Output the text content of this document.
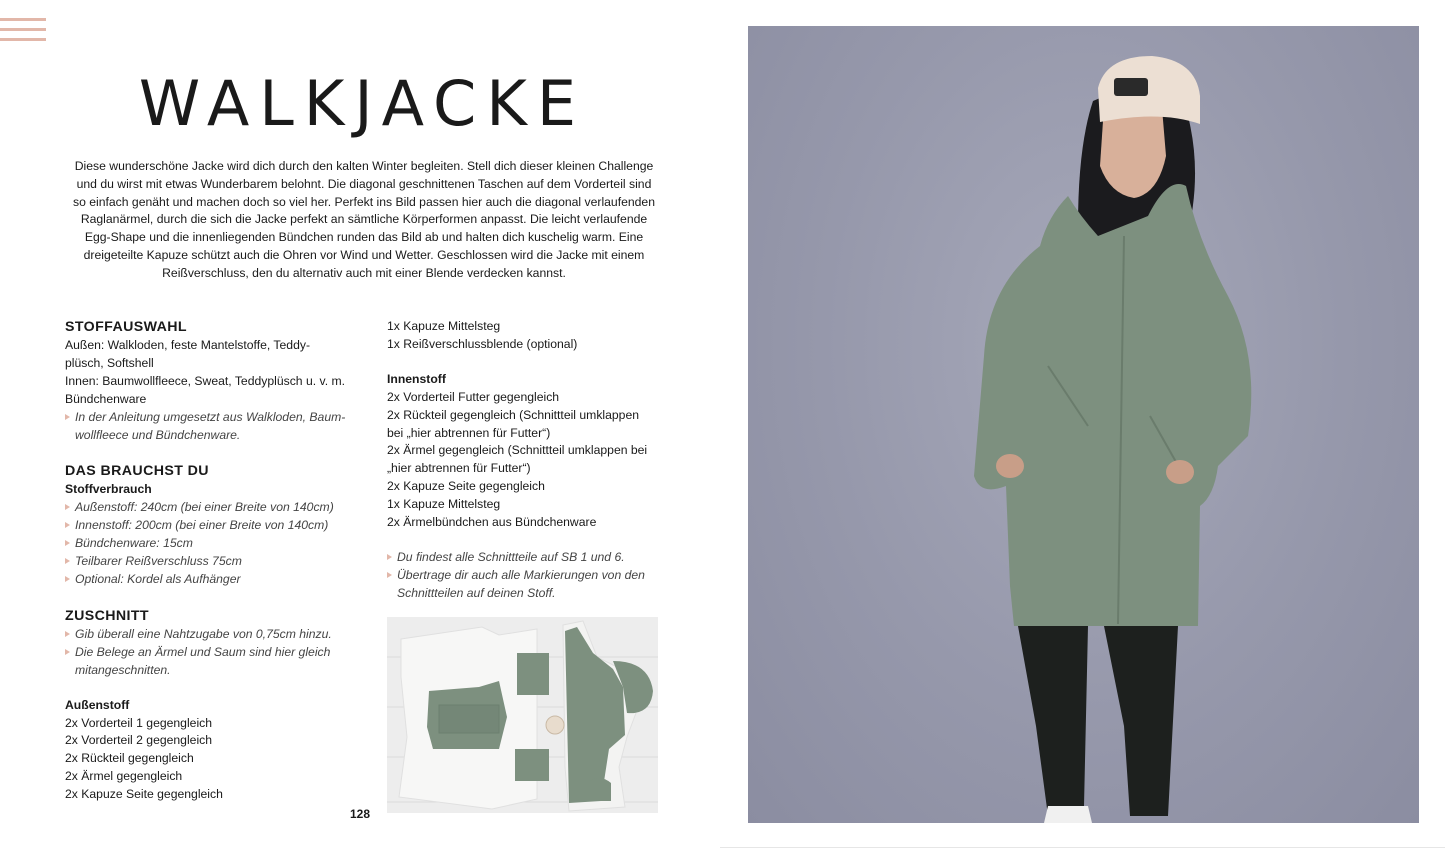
WALKJACKE

Diese wunderschöne Jacke wird dich durch den kalten Winter begleiten. Stell dich dieser kleinen Challenge und du wirst mit etwas Wunderbarem belohnt. Die diagonal geschnittenen Taschen auf dem Vorderteil sind so einfach genäht und machen doch so viel her. Perfekt ins Bild passen hier auch die diagonal verlaufenden Raglanärmel, durch die sich die Jacke perfekt an sämtliche Körperformen anpasst. Die leicht verlaufende Egg-Shape und die innenliegenden Bündchen runden das Bild ab und halten dich kuschelig warm. Eine dreigeteilte Kapuze schützt auch die Ohren vor Wind und Wetter. Geschlossen wird die Jacke mit einem Reißverschluss, den du alternativ auch mit einer Blende verdecken kannst.

STOFFAUSWAHL
Außen: Walkloden, feste Mantelstoffe, Teddy-
plüsch, Softshell
Innen: Baumwollfleece, Sweat, Teddyplüsch u. v. m.
Bündchenware
In der Anleitung umgesetzt aus Walkloden, Baum-
wollfleece und Bündchenware.
DAS BRAUCHST DU
Stoffverbrauch
Außenstoff: 240cm (bei einer Breite von 140cm)
Innenstoff: 200cm (bei einer Breite von 140cm)
Bündchenware: 15cm
Teilbarer Reißverschluss 75cm
Optional: Kordel als Aufhänger
ZUSCHNITT
Gib überall eine Nahtzugabe von 0,75cm hinzu.
Die Belege an Ärmel und Saum sind hier gleich
mitangeschnitten.
Außenstoff
2x Vorderteil 1 gegengleich
2x Vorderteil 2 gegengleich
2x Rückteil gegengleich
2x Ärmel gegengleich
2x Kapuze Seite gegengleich
1x Kapuze Mittelsteg
1x Reißverschlussblende (optional)
Innenstoff
2x Vorderteil Futter gegengleich
2x Rückteil gegengleich (Schnittteil umklappen
bei „hier abtrennen für Futter“)
2x Ärmel gegengleich (Schnittteil umklappen bei
„hier abtrennen für Futter“)
2x Kapuze Seite gegengleich
1x Kapuze Mittelsteg
2x Ärmelbündchen aus Bündchenware
Du findest alle Schnittteile auf SB 1 und 6.
Übertrage dir auch alle Markierungen von den
Schnittteilen auf deinen Stoff.
128
